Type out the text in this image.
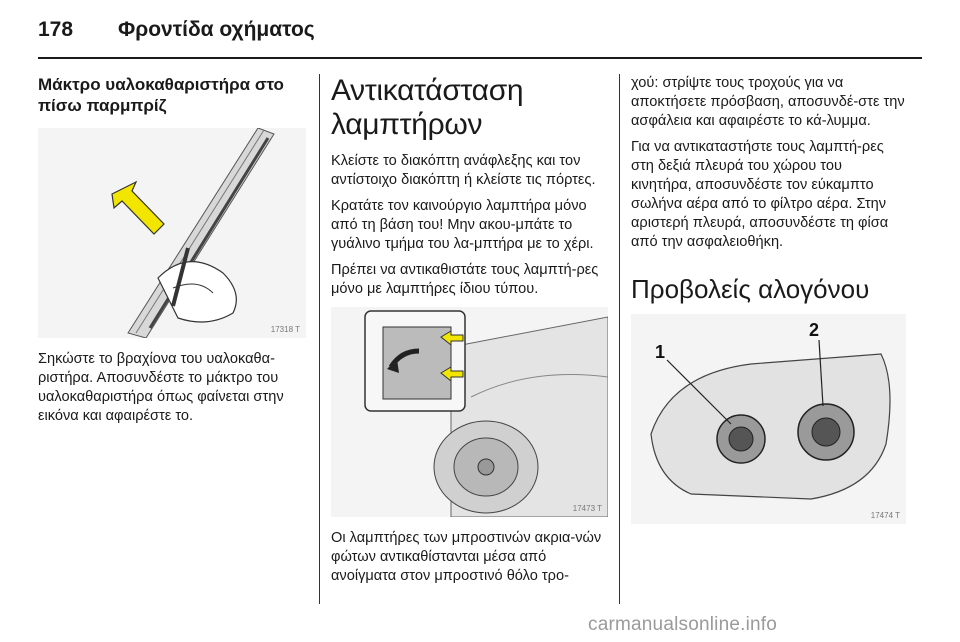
178 Φροντίδα οχήματος
Μάκτρο υαλοκαθαριστήρα στο πίσω παρμπρίζ
17318 T

Σηκώστε το βραχίονα του υαλοκαθα-ριστήρα. Αποσυνδέστε το μάκτρο του υαλοκαθαριστήρα όπως φαίνεται στην εικόνα και αφαιρέστε το.

Αντικατάσταση λαμπτήρων

Κλείστε το διακόπτη ανάφλεξης και τον αντίστοιχο διακόπτη ή κλείστε τις πόρτες.

Κρατάτε τον καινούργιο λαμπτήρα μόνο από τη βάση του! Μην ακου-μπάτε το γυάλινο τμήμα του λα-μπτήρα με το χέρι.

Πρέπει να αντικαθιστάτε τους λαμπτή-ρες μόνο με λαμπτήρες ίδιου τύπου.

17473 T

Οι λαμπτήρες των μπροστινών ακρια-νών φώτων αντικαθίστανται μέσα από ανοίγματα στον μπροστινό θόλο τρο-

χού: στρίψτε τους τροχούς για να αποκτήσετε πρόσβαση, αποσυνδέ-στε την ασφάλεια και αφαιρέστε το κά-λυμμα.

Για να αντικαταστήστε τους λαμπτή-ρες στη δεξιά πλευρά του χώρου του κινητήρα, αποσυνδέστε τον εύκαμπτο σωλήνα αέρα από το φίλτρο αέρα. Στην αριστερή πλευρά, αποσυνδέστε τη φίσα από την ασφαλειοθήκη.

Προβολείς αλογόνου
1
2
17474 T
carmanualsonline.info
